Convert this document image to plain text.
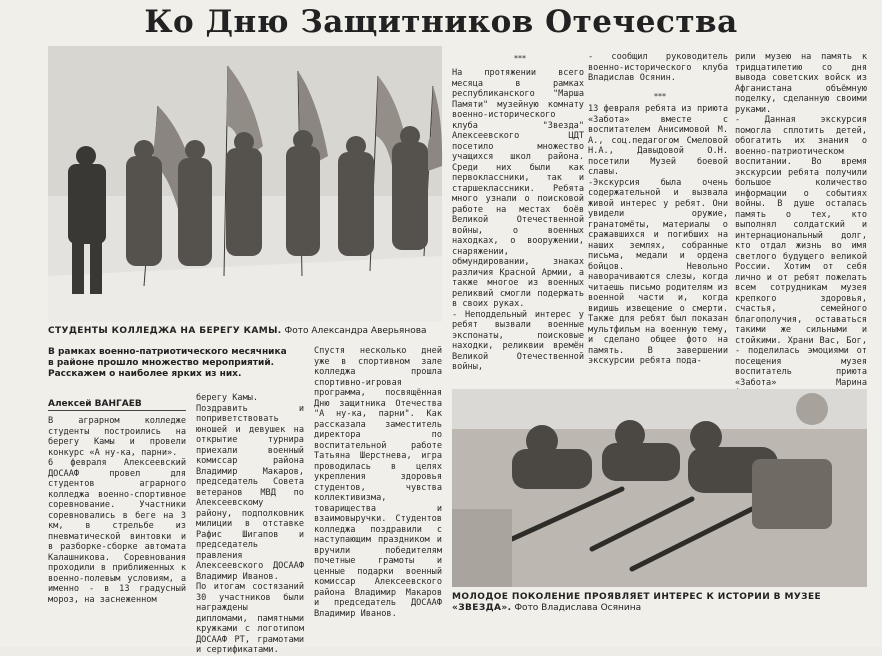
Ко Дню Защитников Отечества
СТУДЕНТЫ КОЛЛЕДЖА НА БЕРЕГУ КАМЫ. Фото Александра Аверьянова
В рамках военно-патриотического месячника в районе прошло множество мероприятий. Расскажем о наиболее ярких из них.
Алексей ВАНГАЕВ
В аграрном колледже студенты построились на берегу Камы и провели конкурс «А ну-ка, парни».
6 февраля Алексеевский ДОСААФ провел для студентов аграрного колледжа военно-спортивное соревнование. Участники соревновались в беге на 3 км, в стрельбе из пневматической винтовки и в разборке-сборке автомата Калашникова. Соревнования проходили в приближенных к военно-полевым условиям, а именно - в 13 градусный мороз, на заснеженном
берегу Камы.
Поздравить и поприветствовать юношей и девушек на открытие турнира приехали военный комиссар района Владимир Макаров, председатель Совета ветеранов МВД по Алексеевскому району, подполковник милиции в отставке Рафис Шигапов и председатель правления Алексеевского ДОСААФ Владимир Иванов.
По итогам состязаний 30 участников были награждены дипломами, памятными кружками с логотипом ДОСААФ РТ, грамотами и сертификатами.
***
На протяжении всего месяца в рамках республиканского "Марша Памяти" музейную комнату военно-исторического клуба "Звезда" Алексеевского ЦДТ посетило множество учащихся школ района. Среди них были как первоклассники, так и старшеклассники. Ребята много узнали о поисковой работе на местах боёв Великой Отечественной войны, о военных находках, о вооружении, снаряжении, обмундировании, знаках различия Красной Армии, а также многое из военных реликвий смогли подержать в своих руках.
- Неподдельный интерес у ребят вызвали военные экспонаты, поисковые находки, реликвии времён Великой Отечественной войны,
Спустя несколько дней уже в спортивном зале колледжа прошла спортивно-игровая программа, посвящённая Дню защитника Отечества "А ну-ка, парни". Как рассказала заместитель директора по воспитательной работе Татьяна Шерстнева, игра проводилась в целях укрепления здоровья студентов, чувства коллективизма, товарищества и взаимовыручки. Студентов колледжа поздравили с наступающим праздником и вручили победителям почетные грамоты и ценные подарки военный комиссар Алексеевского района Владимир Макаров и председатель ДОСААФ Владимир Иванов.
- сообщил руководитель военно-исторического клуба Владислав Осянин.
***
13 февраля ребята из приюта «Забота» вместе с воспитателем Анисимовой М. А., соц.педагогом Смеловой Н.А., Давыдовой О.Н. посетили Музей боевой славы.
-Экскурсия была очень содержательной и вызвала живой интерес у ребят. Они увидели оружие, гранатомёты, материалы о сражавшихся и погибших на наших землях, собранные письма, медали и ордена бойцов. Невольно наворачиваются слезы, когда читаешь письмо родителям из военной части и, когда видишь извещение о смерти. Также для ребят был показан мультфильм на военную тему, и сделано общее фото на память. В завершении экскурсии ребята пода-
рили музею на память к тридцатилетию со дня вывода советских войск из Афганистана объёмную поделку, сделанную своими руками.
- Данная экскурсия помогла сплотить детей, обогатить их знания о военно-патриотическом воспитании. Во время экскурсии ребята получили большое количество информации о событиях войны. В душе осталась память о тех, кто выполнял солдатский и интернациональный долг, кто отдал жизнь во имя светлого будущего великой России. Хотим от себя лично и от ребят пожелать всем сотрудникам музея крепкого здоровья, счастья, семейного благополучия, оставаться такими же сильными и стойкими. Храни Вас, Бог, - поделилась эмоциями от посещения музея воспитатель приюта «Забота» Марина
МОЛОДОЕ ПОКОЛЕНИЕ ПРОЯВЛЯЕТ ИНТЕРЕС К ИСТОРИИ В МУЗЕЕ «ЗВЕЗДА». Фото Владислава Осянина
